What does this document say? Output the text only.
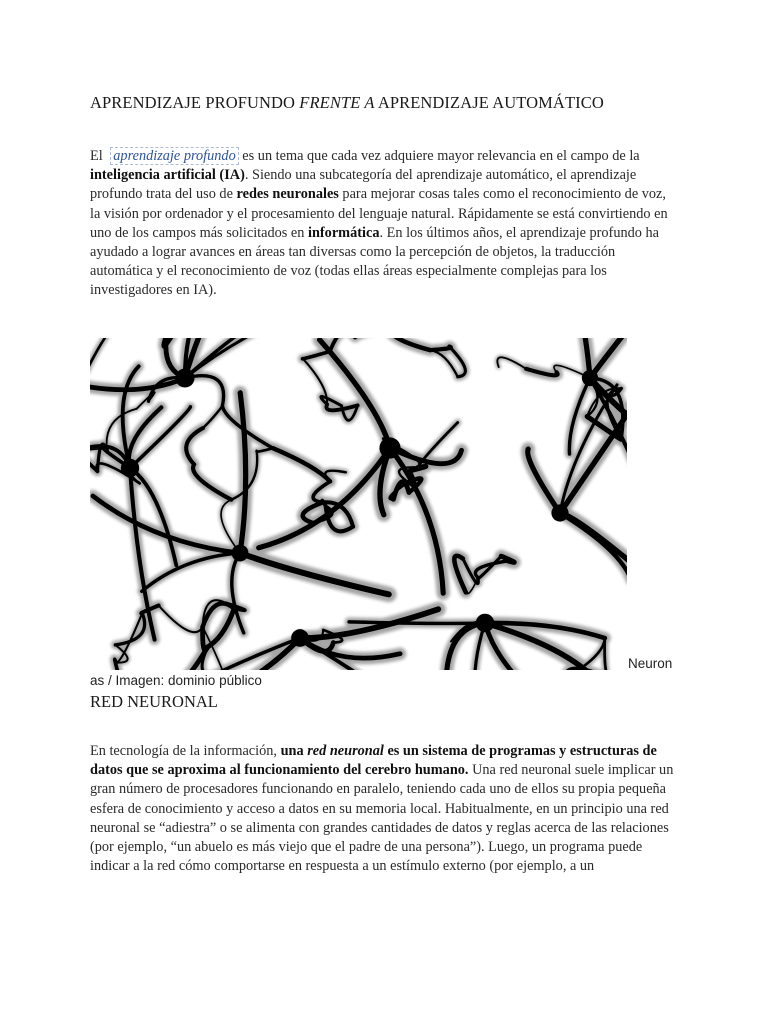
APRENDIZAJE PROFUNDO FRENTE A APRENDIZAJE AUTOMÁTICO

El aprendizaje profundo es un tema que cada vez adquiere mayor relevancia en el campo de la inteligencia artificial (IA). Siendo una subcategoría del aprendizaje automático, el aprendizaje profundo trata del uso de redes neuronales para mejorar cosas tales como el reconocimiento de voz, la visión por ordenador y el procesamiento del lenguaje natural. Rápidamente se está convirtiendo en uno de los campos más solicitados en informática. En los últimos años, el aprendizaje profundo ha ayudado a lograr avances en áreas tan diversas como la percepción de objetos, la traducción automática y el reconocimiento de voz (todas ellas áreas especialmente complejas para los investigadores en IA).

Neuron
as / Imagen: dominio público
RED NEURONAL

En tecnología de la información, una red neuronal es un sistema de programas y estructuras de datos que se aproxima al funcionamiento del cerebro humano. Una red neuronal suele implicar un gran número de procesadores funcionando en paralelo, teniendo cada uno de ellos su propia pequeña esfera de conocimiento y acceso a datos en su memoria local. Habitualmente, en un principio una red neuronal se “adiestra” o se alimenta con grandes cantidades de datos y reglas acerca de las relaciones (por ejemplo, “un abuelo es más viejo que el padre de una persona”). Luego, un programa puede indicar a la red cómo comportarse en respuesta a un estímulo externo (por ejemplo, a un
